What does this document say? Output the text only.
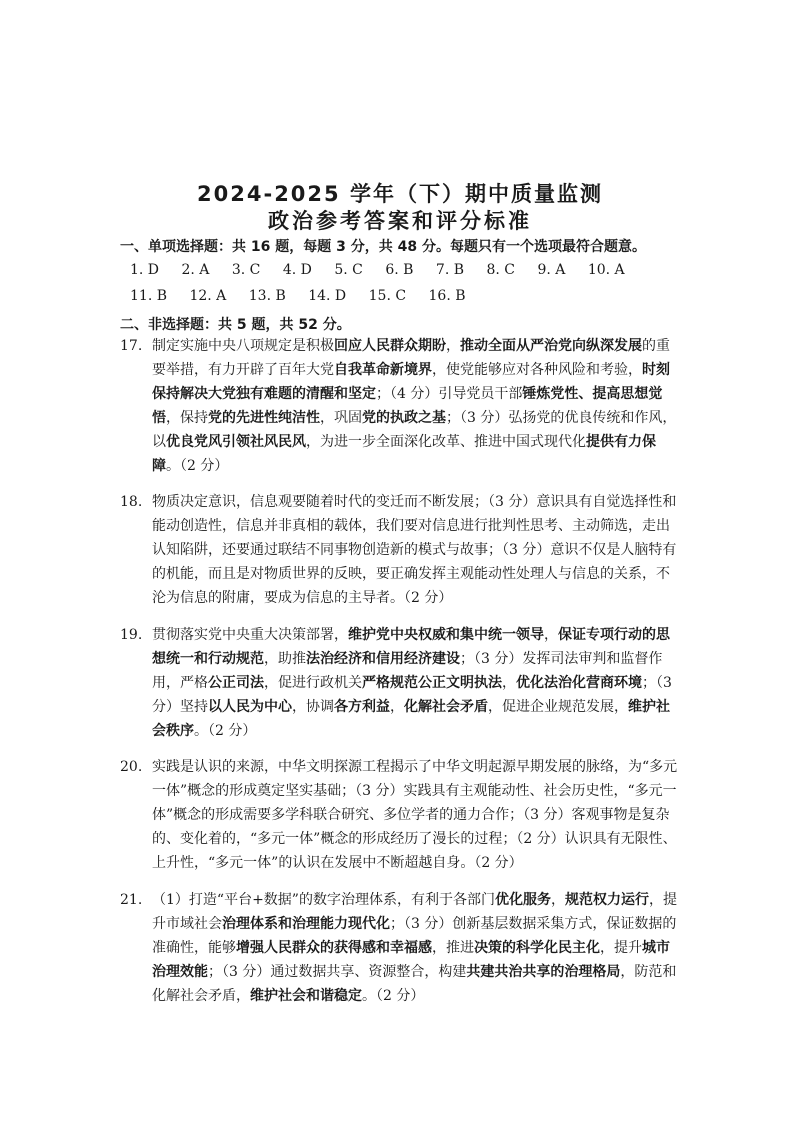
2024-2025 学年（下）期中质量监测
政治参考答案和评分标准
一、单项选择题：共 16 题，每题 3 分，共 48 分。每题只有一个选项最符合题意。
1. D 2. A 3. C 4. D 5. C 6. B 7. B 8. C 9. A 10. A
11. B 12. A 13. B 14. D 15. C 16. B
二、非选择题：共 5 题，共 52 分。
17. 制定实施中央八项规定是积极回应人民群众期盼，推动全面从严治党向纵深发展的重要举措，有力开辟了百年大党自我革命新境界，使党能够应对各种风险和考验，时刻保持解决大党独有难题的清醒和坚定；（4 分）引导党员干部锤炼党性、提高思想觉悟，保持党的先进性纯洁性，巩固党的执政之基；（3 分）弘扬党的优良传统和作风，以优良党风引领社风民风，为进一步全面深化改革、推进中国式现代化提供有力保障。（2 分）
18. 物质决定意识，信息观要随着时代的变迁而不断发展；（3 分）意识具有自觉选择性和能动创造性，信息并非真相的载体，我们要对信息进行批判性思考、主动筛选，走出认知陷阱，还要通过联结不同事物创造新的模式与故事；（3 分）意识不仅是人脑特有的机能，而且是对物质世界的反映，要正确发挥主观能动性处理人与信息的关系，不沦为信息的附庸，要成为信息的主导者。（2 分）
19. 贯彻落实党中央重大决策部署，维护党中央权威和集中统一领导，保证专项行动的思想统一和行动规范，助推法治经济和信用经济建设；（3 分）发挥司法审判和监督作用，严格公正司法，促进行政机关严格规范公正文明执法，优化法治化营商环境；（3 分）坚持以人民为中心，协调各方利益，化解社会矛盾，促进企业规范发展，维护社会秩序。（2 分）
20. 实践是认识的来源，中华文明探源工程揭示了中华文明起源早期发展的脉络，为“多元一体”概念的形成奠定坚实基础；（3 分）实践具有主观能动性、社会历史性，“多元一体”概念的形成需要多学科联合研究、多位学者的通力合作；（3 分）客观事物是复杂的、变化着的，“多元一体”概念的形成经历了漫长的过程；（2 分）认识具有无限性、上升性，“多元一体”的认识在发展中不断超越自身。（2 分）
21. （1）打造“平台+数据”的数字治理体系，有利于各部门优化服务，规范权力运行，提升市域社会治理体系和治理能力现代化；（3 分）创新基层数据采集方式，保证数据的准确性，能够增强人民群众的获得感和幸福感，推进决策的科学化民主化，提升城市治理效能；（3 分）通过数据共享、资源整合，构建共建共治共享的治理格局，防范和化解社会矛盾，维护社会和谐稳定。（2 分）
